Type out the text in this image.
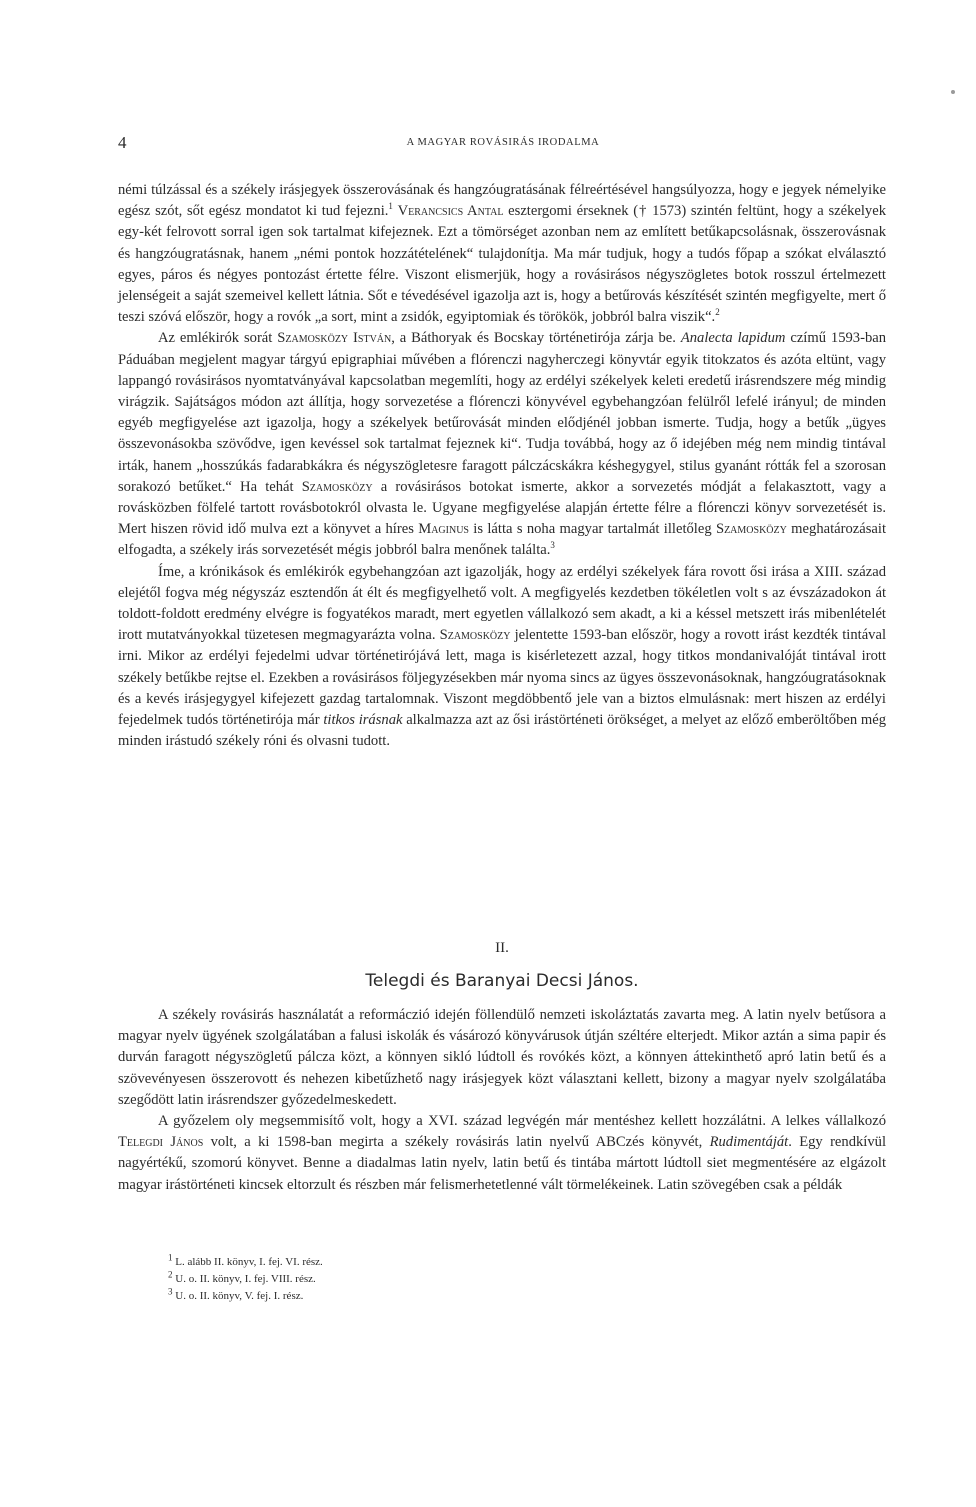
4	A MAGYAR ROVÁSIRÁS IRODALMA

némi túlzással és a székely irásjegyek összerovásának és hangzóugratásának félreértésével hangsúlyozza, hogy e jegyek némelyike egész szót, sőt egész mondatot ki tud fejezni.$^1$ Verancsics Antal esztergomi érseknek († 1573) szintén feltünt, hogy a székelyek egy-két felrovott sorral igen sok tartalmat kifejeznek. Ezt a tömörséget azonban nem az említett betűkapcsolásnak, összerovásnak és hangzóugratásnak, hanem „némi pontok hozzátételének“ tulajdonítja. Ma már tudjuk, hogy a tudós főpap a szókat elválasztó egyes, páros és négyes pontozást értette félre. Viszont elismerjük, hogy a rovásirásos négyszögletes botok rosszul értelmezett jelenségeit a saját szemeivel kellett látnia. Sőt e tévedésével igazolja azt is, hogy a betűrovás készítését szintén megfigyelte, mert ő teszi szóvá először, hogy a rovók „a sort, mint a zsidók, egyiptomiak és törökök, jobbról balra viszik“.$^2$

Az emlékirók sorát Szamosközy István, a Báthoryak és Bocskay történetirója zárja be. Analecta lapidum czímű 1593-ban Páduában megjelent magyar tárgyú epigraphiai művében a flórenczi nagyherczegi könyvtár egyik titokzatos és azóta eltünt, vagy lappangó rovásirásos nyomtatványával kapcsolatban megemlíti, hogy az erdélyi székelyek keleti eredetű irásrendszere még mindig virágzik. Sajátságos módon azt állítja, hogy sorvezetése a flórenczi könyvével egybehangzóan felülről lefelé irányul; de minden egyéb megfigyelése azt igazolja, hogy a székelyek betűrovását minden elődjénél jobban ismerte. Tudja, hogy a betűk „ügyes összevonásokba szövődve, igen kevéssel sok tartalmat fejeznek ki“. Tudja továbbá, hogy az ő idejében még nem mindig tintával irták, hanem „hosszúkás fadarabkákra és négyszögletesre faragott pálczácskákra késhegygyel, stilus gyanánt rótták fel a szorosan sorakozó betűket.“ Ha tehát Szamosközy a rovásirásos botokat ismerte, akkor a sorvezetés módját a felakasztott, vagy a rovásközben fölfelé tartott rovásbotokról olvasta le. Ugyane megfigyelése alapján értette félre a flórenczi könyv sorvezetését is. Mert hiszen rövid idő mulva ezt a könyvet a híres Maginus is látta s noha magyar tartalmát illetőleg Szamosközy meghatározásait elfogadta, a székely irás sorvezetését mégis jobbról balra menőnek találta.$^3$

Íme, a krónikások és emlékirók egybehangzóan azt igazolják, hogy az erdélyi székelyek fára rovott ősi irása a XIII. század elejétől fogva még négyszáz esztendőn át élt és megfigyelhető volt. A megfigyelés kezdetben tökéletlen volt s az évszázadokon át toldott-foldott eredmény elvégre is fogyatékos maradt, mert egyetlen vállalkozó sem akadt, a ki a késsel metszett irás mibenlételét irott mutatványokkal tüzetesen megmagyarázta volna. Szamosközy jelentette 1593-ban először, hogy a rovott irást kezdték tintával irni. Mikor az erdélyi fejedelmi udvar történetirójává lett, maga is kisérletezett azzal, hogy titkos mondanivalóját tintával irott székely betűkbe rejtse el. Ezekben a rovásirásos följegyzésekben már nyoma sincs az ügyes összevonásoknak, hangzóugratásoknak és a kevés irásjegygyel kifejezett gazdag tartalomnak. Viszont megdöbbentő jele van a biztos elmulásnak: mert hiszen az erdélyi fejedelmek tudós történetirója már titkos irásnak alkalmazza azt az ősi irástörténeti örökséget, a melyet az előző emberöltőben még minden irástudó székely róni és olvasni tudott.

II.

Telegdi és Baranyai Decsi János.

A székely rovásirás használatát a reformáczió idején föllendülő nemzeti iskoláztatás zavarta meg. A latin nyelv betűsora a magyar nyelv ügyének szolgálatában a falusi iskolák és vásározó könyvárusok útján széltére elterjedt. Mikor aztán a sima papir és durván faragott négyszögletű pálcza közt, a könnyen sikló lúdtoll és rovókés közt, a könnyen áttekinthető apró latin betű és a szövevényesen összerovott és nehezen kibetűzhető nagy irásjegyek közt választani kellett, bizony a magyar nyelv szolgálatába szegődött latin irásrendszer győzedelmeskedett.

A győzelem oly megsemmisítő volt, hogy a XVI. század legvégén már mentéshez kellett hozzálátni. A lelkes vállalkozó Telegdi János volt, a ki 1598-ban megirta a székely rovásirás latin nyelvű ABCzés könyvét, Rudimentáját. Egy rendkívül nagyértékű, szomorú könyvet. Benne a diadalmas latin nyelv, latin betű és tintába mártott lúdtoll siet megmentésére az elgázolt magyar irástörténeti kincsek eltorzult és részben már felismerhetetlenné vált törmelékeinek. Latin szövegében csak a példák

$^1$ L. alább II. könyv, I. fej. VI. rész.

$^2$ U. o. II. könyv, I. fej. VIII. rész.

$^3$ U. o. II. könyv, V. fej. I. rész.
